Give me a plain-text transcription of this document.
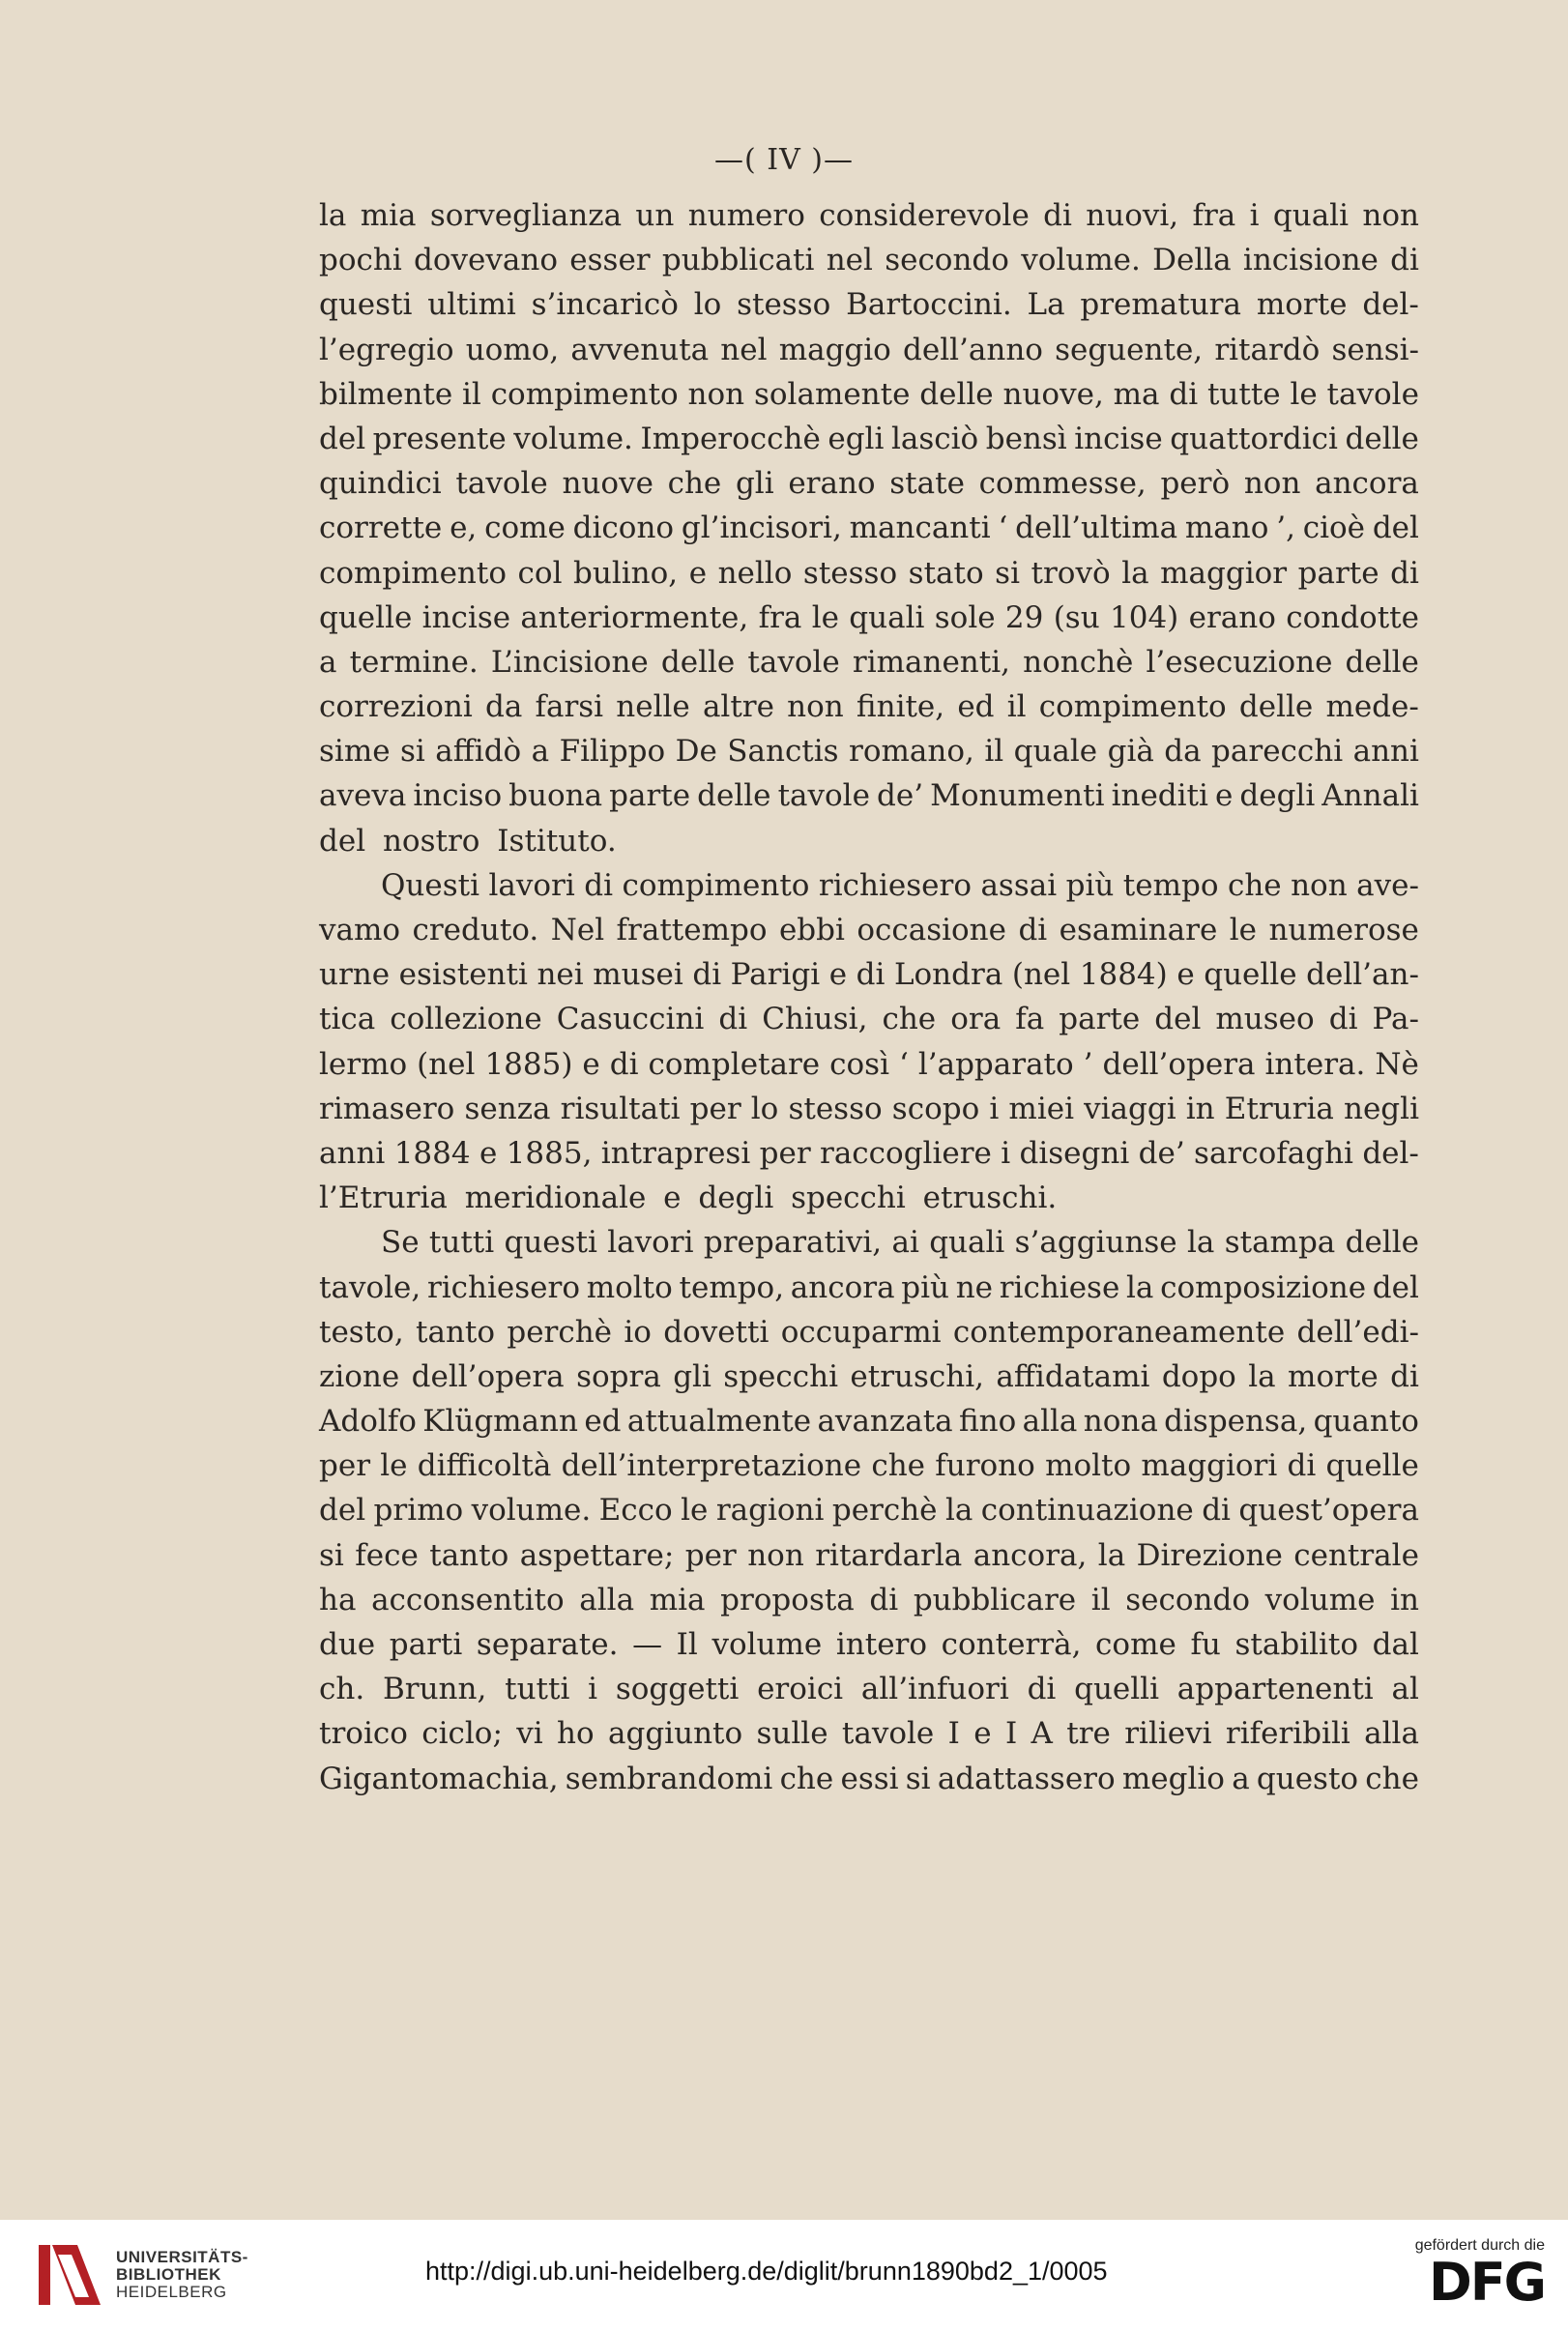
—( IV )—
la mia sorveglianza un numero considerevole di nuovi, fra i quali non
pochi dovevano esser pubblicati nel secondo volume. Della incisione di
questi ultimi s’incaricò lo stesso Bartoccini. La prematura morte del-
l’egregio uomo, avvenuta nel maggio dell’anno seguente, ritardò sensi-
bilmente il compimento non solamente delle nuove, ma di tutte le tavole
del presente volume. Imperocchè egli lasciò bensì incise quattordici delle
quindici tavole nuove che gli erano state commesse, però non ancora
corrette e, come dicono gl’incisori, mancanti ‘ dell’ultima mano ’, cioè del
compimento col bulino, e nello stesso stato si trovò la maggior parte di
quelle incise anteriormente, fra le quali sole 29 (su 104) erano condotte
a termine. L’incisione delle tavole rimanenti, nonchè l’esecuzione delle
correzioni da farsi nelle altre non finite, ed il compimento delle mede-
sime si affidò a Filippo De Sanctis romano, il quale già da parecchi anni
aveva inciso buona parte delle tavole de’ Monumenti inediti e degli Annali
del nostro Istituto.
Questi lavori di compimento richiesero assai più tempo che non ave-
vamo creduto. Nel frattempo ebbi occasione di esaminare le numerose
urne esistenti nei musei di Parigi e di Londra (nel 1884) e quelle dell’an-
tica collezione Casuccini di Chiusi, che ora fa parte del museo di Pa-
lermo (nel 1885) e di completare così ‘ l’apparato ’ dell’opera intera. Nè
rimasero senza risultati per lo stesso scopo i miei viaggi in Etruria negli
anni 1884 e 1885, intrapresi per raccogliere i disegni de’ sarcofaghi del-
l’Etruria meridionale e degli specchi etruschi.
Se tutti questi lavori preparativi, ai quali s’aggiunse la stampa delle
tavole, richiesero molto tempo, ancora più ne richiese la composizione del
testo, tanto perchè io dovetti occuparmi contemporaneamente dell’edi-
zione dell’opera sopra gli specchi etruschi, affidatami dopo la morte di
Adolfo Klügmann ed attualmente avanzata fino alla nona dispensa, quanto
per le difficoltà dell’interpretazione che furono molto maggiori di quelle
del primo volume. Ecco le ragioni perchè la continuazione di quest’opera
si fece tanto aspettare; per non ritardarla ancora, la Direzione centrale
ha acconsentito alla mia proposta di pubblicare il secondo volume in
due parti separate. — Il volume intero conterrà, come fu stabilito dal
ch. Brunn, tutti i soggetti eroici all’infuori di quelli appartenenti al
troico ciclo; vi ho aggiunto sulle tavole I e I A tre rilievi riferibili alla
Gigantomachia, sembrandomi che essi si adattassero meglio a questo che
UNIVERSITÄTS-
BIBLIOTHEK
HEIDELBERG
http://digi.ub.uni-heidelberg.de/diglit/brunn1890bd2_1/0005
gefördert durch die
DFG
